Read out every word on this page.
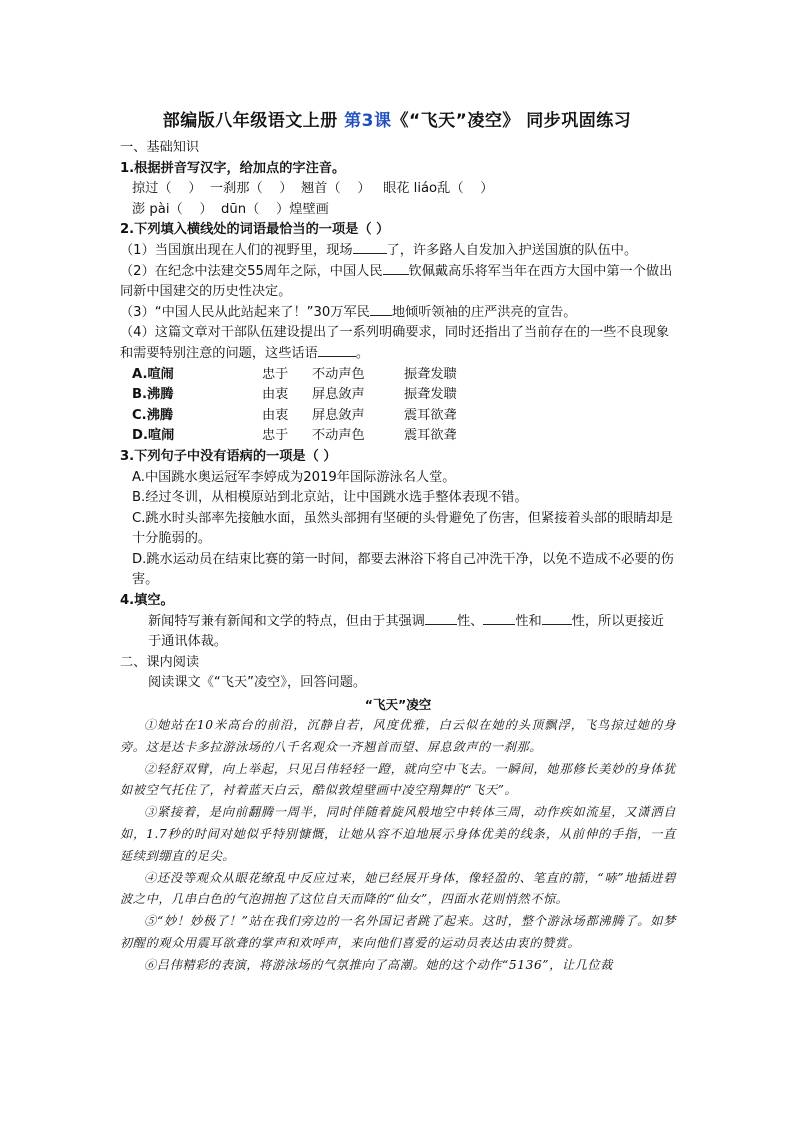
部编版八年级语文上册 第3课《“飞天”凌空》 同步巩固练习
一、基础知识
1.根据拼音写汉字，给加点的字注音。
掠过（    ）  一刹那（    ）  翘首（    ）   眼花 liáo乱（    ）
澎 pài（    ）  dūn（    ）煌壁画
2.下列填入横线处的词语最恰当的一项是（ ）
（1）当国旗出现在人们的视野里，现场	了，许多路人自发加入护送国旗的队伍中。
（2）在纪念中法建交55周年之际，中国人民 钦佩戴高乐将军当年在西方大国中第一个做出同新中国建交的历史性决定。
（3）“中国人民从此站起来了！”30万军民 地倾听领袖的庄严洪亮的宣告。
（4）这篇文章对干部队伍建设提出了一系列明确要求，同时还指出了当前存在的一些不良现象和需要特别注意的问题，这些话语	。
A.喧闹	忠于	不动声色	振聋发聩
B.沸腾	由衷	屏息敛声	振聋发聩
C.沸腾	由衷	屏息敛声	震耳欲聋
D.喧闹	忠于	不动声色	震耳欲聋
3.下列句子中没有语病的一项是（ ）
A.中国跳水奥运冠军李婷成为2019年国际游泳名人堂。
B.经过冬训，从相模原站到北京站，让中国跳水选手整体表现不错。
C.跳水时头部率先接触水面，虽然头部拥有坚硬的头骨避免了伤害，但紧接着头部的眼睛却是十分脆弱的。
D.跳水运动员在结束比赛的第一时间，都要去淋浴下将自己冲洗干净，以免不造成不必要的伤害。
4.填空。
新闻特写兼有新闻和文学的特点，但由于其强调 性、 性和 性，所以更接近于通讯体裁。
二、课内阅读
阅读课文《“飞天”凌空》，回答问题。
“飞天”凌空
①她站在10米高台的前沿，沉静自若，风度优雅，白云似在她的头顶飘浮，飞鸟掠过她的身旁。这是达卡多拉游泳场的八千名观众一齐翘首而望、屏息敛声的一刹那。
②轻舒双臂，向上举起，只见吕伟轻轻一蹬，就向空中飞去。一瞬间，她那修长美妙的身体犹如被空气托住了，衬着蓝天白云，酷似敦煌壁画中凌空翔舞的“飞天”。
③紧接着，是向前翻腾一周半，同时伴随着旋风般地空中转体三周，动作疾如流星，又潇洒自如，1.7秒的时间对她似乎特别慷慨，让她从容不迫地展示身体优美的线条，从前伸的手指，一直延续到绷直的足尖。
④还没等观众从眼花缭乱中反应过来，她已经展开身体，像轻盈的、笔直的箭，“哧”地插进碧波之中，几串白色的气泡拥抱了这位自天而降的“仙女”，四面水花则悄然不惊。
⑤“妙！妙极了！”站在我们旁边的一名外国记者跳了起来。这时，整个游泳场都沸腾了。如梦初醒的观众用震耳欲聋的掌声和欢呼声，来向他们喜爱的运动员表达由衷的赞赏。
⑥吕伟精彩的表演，将游泳场的气氛推向了高潮。她的这个动作“5136”，让几位裁
